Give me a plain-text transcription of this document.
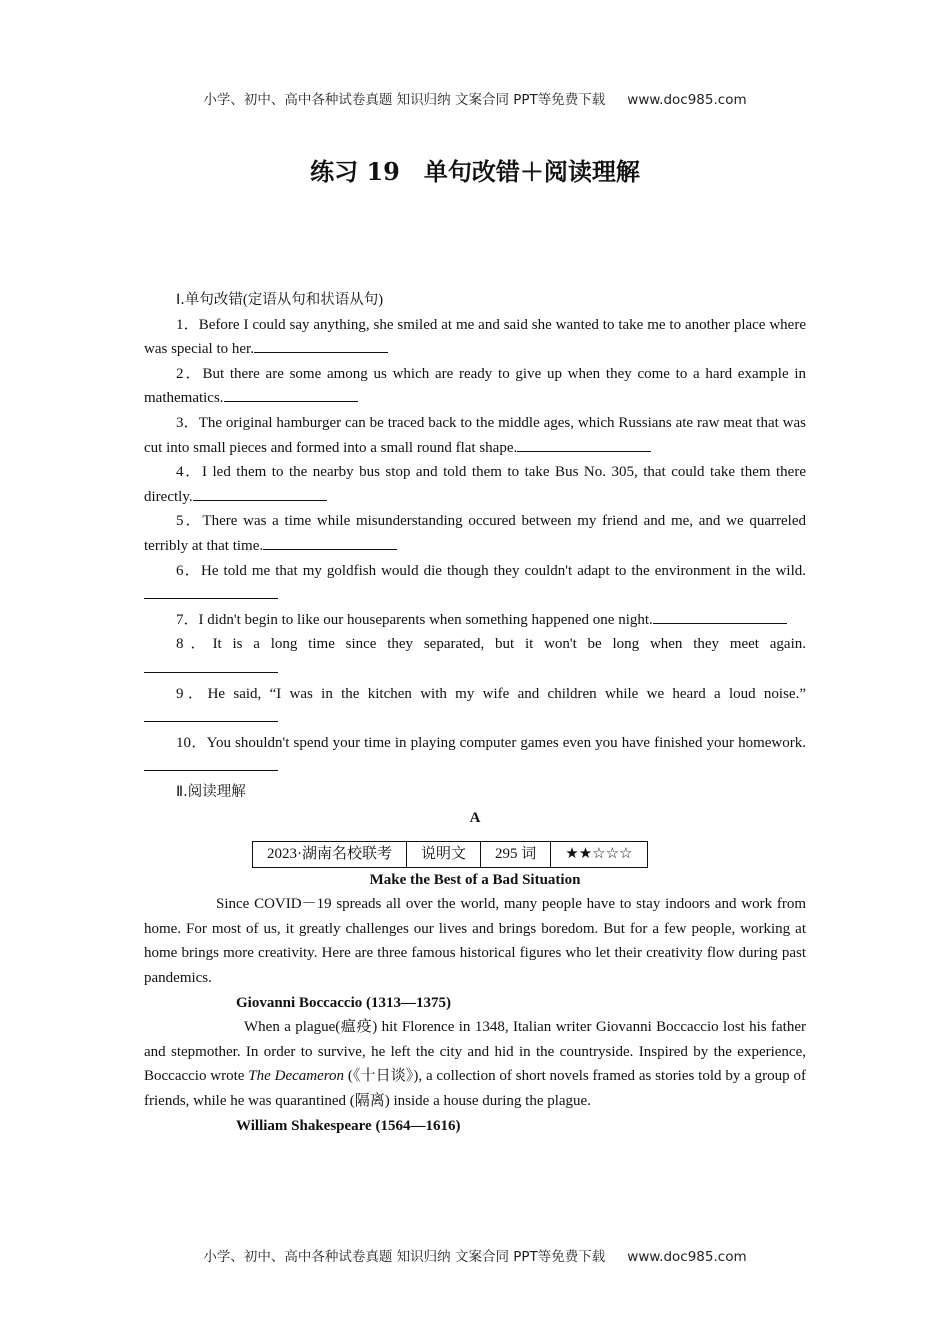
小学、初中、高中各种试卷真题 知识归纳 文案合同 PPT等免费下载 www.doc985.com
练习 19　单句改错＋阅读理解
Ⅰ.单句改错(定语从句和状语从句)
1．Before I could say anything, she smiled at me and said she wanted to take me to another place where was special to her.
2．But there are some among us which are ready to give up when they come to a hard example in mathematics.
3．The original hamburger can be traced back to the middle ages, which Russians ate raw meat that was cut into small pieces and formed into a small round flat shape.
4．I led them to the nearby bus stop and told them to take Bus No. 305, that could take them there directly.
5．There was a time while misunderstanding occured between my friend and me, and we quarreled terribly at that time.
6．He told me that my goldfish would die though they couldn't adapt to the environment in the wild.
7．I didn't begin to like our houseparents when something happened one night.
8．It is a long time since they separated, but it won't be long when they meet again.
9．He said, “I was in the kitchen with my wife and children while we heard a loud noise.”
10．You shouldn't spend your time in playing computer games even you have finished your homework.
Ⅱ.阅读理解
A
2023·湖南名校联考	说明文	295 词	★★☆☆☆
Make the Best of a Bad Situation
Since COVID－19 spreads all over the world, many people have to stay indoors and work from home. For most of us, it greatly challenges our lives and brings boredom. But for a few people, working at home brings more creativity. Here are three famous historical figures who let their creativity flow during past pandemics.
Giovanni Boccaccio (1313—1375)
When a plague(瘟疫) hit Florence in 1348, Italian writer Giovanni Boccaccio lost his father and stepmother. In order to survive, he left the city and hid in the countryside. Inspired by the experience, Boccaccio wrote The Decameron (《十日谈》), a collection of short novels framed as stories told by a group of friends, while he was quarantined (隔离) inside a house during the plague.
William Shakespeare (1564—1616)
小学、初中、高中各种试卷真题 知识归纳 文案合同 PPT等免费下载 www.doc985.com
